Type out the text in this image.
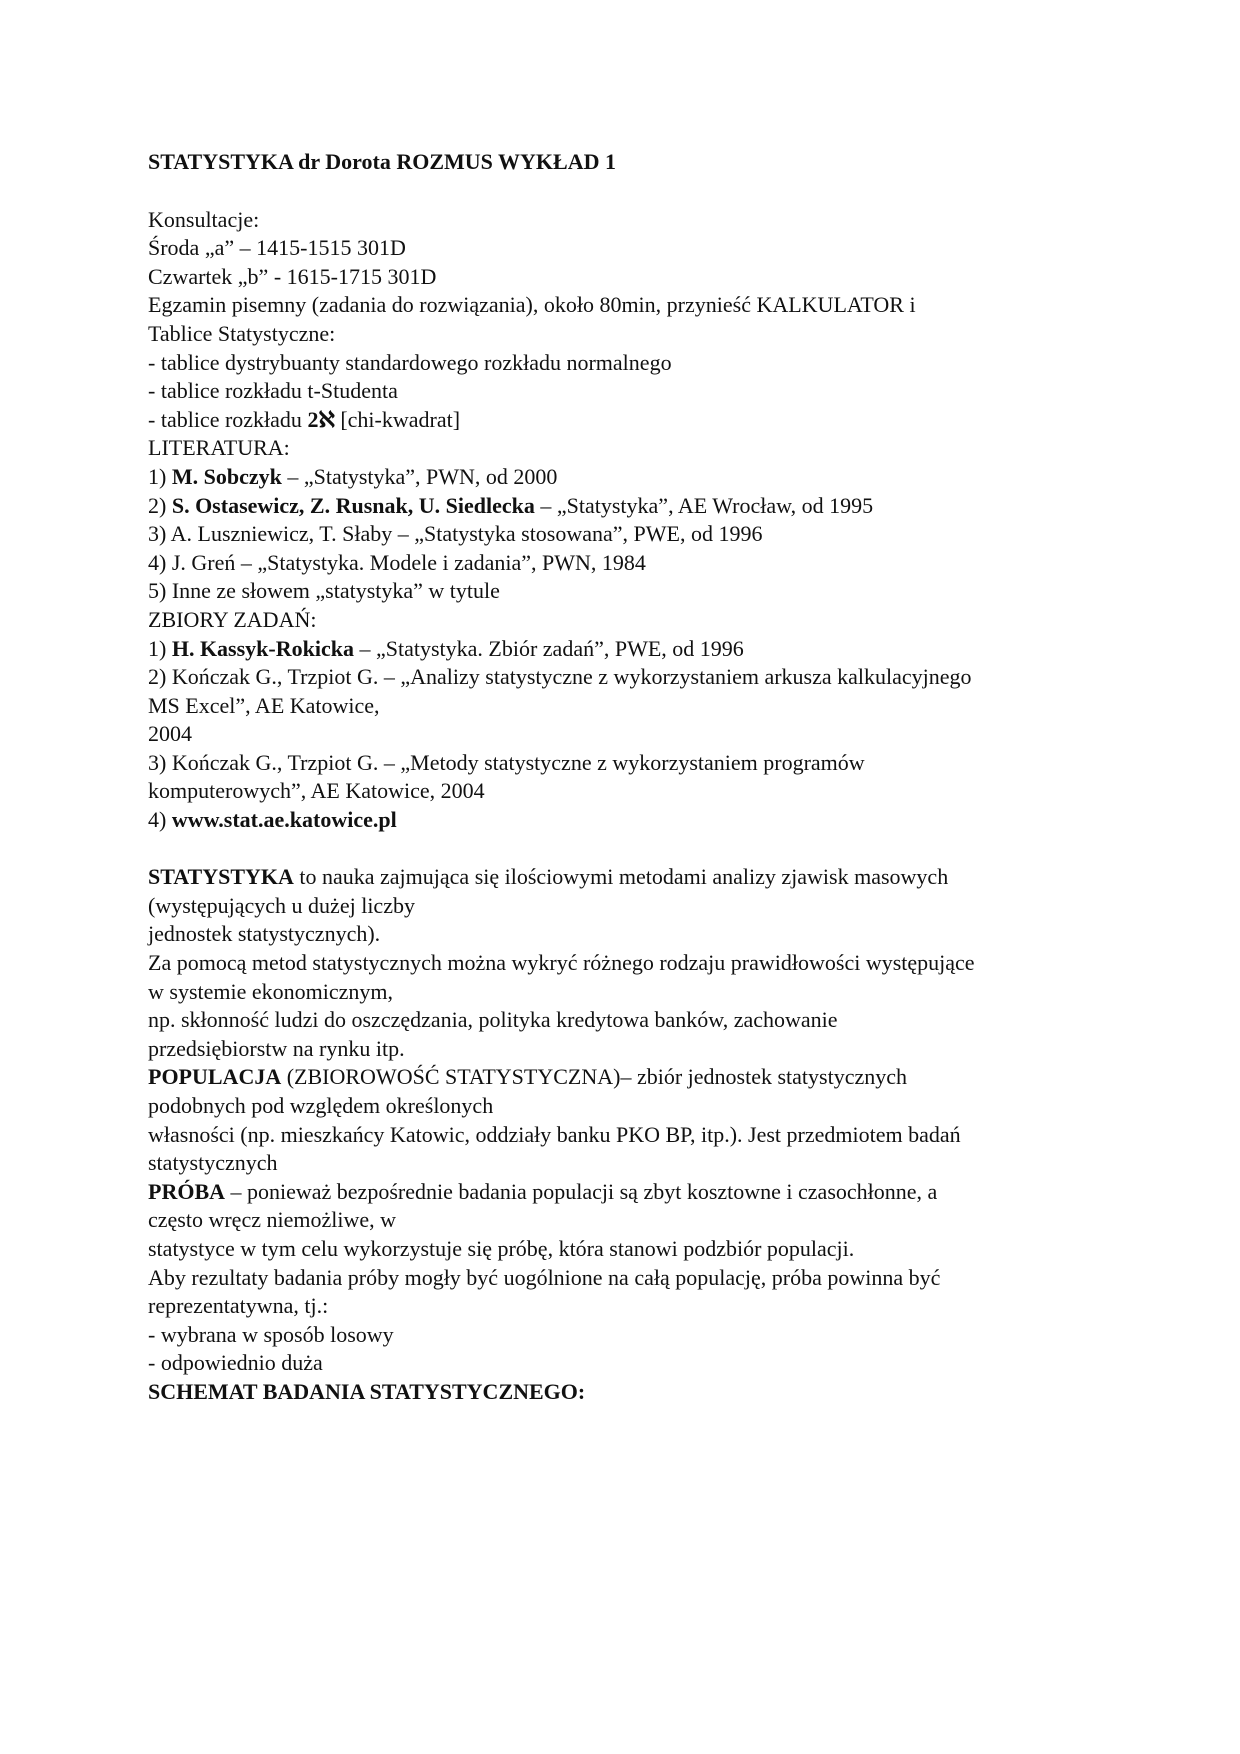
STATYSTYKA dr Dorota ROZMUS WYKŁAD 1
Konsultacje:
Środa „a” – 1415-1515 301D
Czwartek „b” - 1615-1715 301D
Egzamin pisemny (zadania do rozwiązania), około 80min, przynieść KALKULATOR i
Tablice Statystyczne:
- tablice dystrybuanty standardowego rozkładu normalnego
- tablice rozkładu t-Studenta
- tablice rozkładu 2ℵ [chi-kwadrat]
LITERATURA:
1) M. Sobczyk – „Statystyka”, PWN, od 2000
2) S. Ostasewicz, Z. Rusnak, U. Siedlecka – „Statystyka”, AE Wrocław, od 1995
3) A. Luszniewicz, T. Słaby – „Statystyka stosowana”, PWE, od 1996
4) J. Greń – „Statystyka. Modele i zadania”, PWN, 1984
5) Inne ze słowem „statystyka” w tytule
ZBIORY ZADAŃ:
1) H. Kassyk-Rokicka – „Statystyka. Zbiór zadań”, PWE, od 1996
2) Kończak G., Trzpiot G. – „Analizy statystyczne z wykorzystaniem arkusza kalkulacyjnego
MS Excel”, AE Katowice,
2004
3) Kończak G., Trzpiot G. – „Metody statystyczne z wykorzystaniem programów
komputerowych”, AE Katowice, 2004
4) www.stat.ae.katowice.pl
STATYSTYKA to nauka zajmująca się ilościowymi metodami analizy zjawisk masowych
(występujących u dużej liczby
jednostek statystycznych).
Za pomocą metod statystycznych można wykryć różnego rodzaju prawidłowości występujące
w systemie ekonomicznym,
np. skłonność ludzi do oszczędzania, polityka kredytowa banków, zachowanie
przedsiębiorstw na rynku itp.
POPULACJA (ZBIOROWOŚĆ STATYSTYCZNA)– zbiór jednostek statystycznych
podobnych pod względem określonych
własności (np. mieszkańcy Katowic, oddziały banku PKO BP, itp.). Jest przedmiotem badań
statystycznych
PRÓBA – ponieważ bezpośrednie badania populacji są zbyt kosztowne i czasochłonne, a
często wręcz niemożliwe, w
statystyce w tym celu wykorzystuje się próbę, która stanowi podzbiór populacji.
Aby rezultaty badania próby mogły być uogólnione na całą populację, próba powinna być
reprezentatywna, tj.:
- wybrana w sposób losowy
- odpowiednio duża
SCHEMAT BADANIA STATYSTYCZNEGO:
